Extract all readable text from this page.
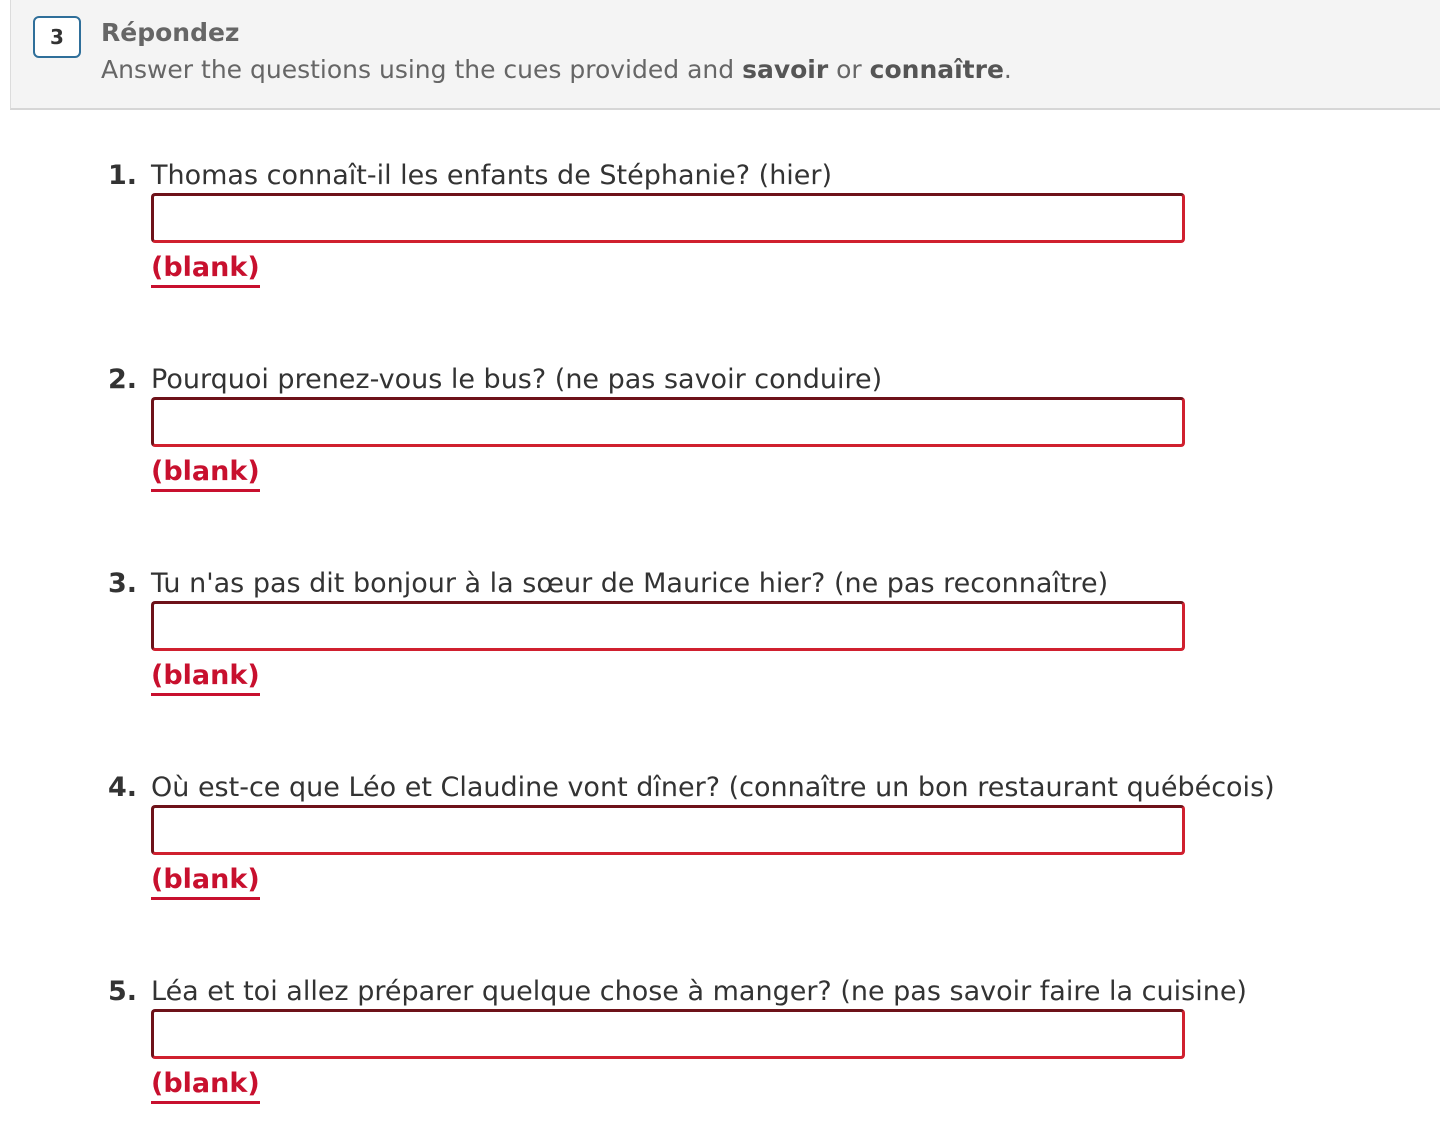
3	Répondez
Answer the questions using the cues provided and savoir or connaître.
1. Thomas connaît-il les enfants de Stéphanie? (hier)
(blank)
2. Pourquoi prenez-vous le bus? (ne pas savoir conduire)
(blank)
3. Tu n'as pas dit bonjour à la sœur de Maurice hier? (ne pas reconnaître)
(blank)
4. Où est-ce que Léo et Claudine vont dîner? (connaître un bon restaurant québécois)
(blank)
5. Léa et toi allez préparer quelque chose à manger? (ne pas savoir faire la cuisine)
(blank)
